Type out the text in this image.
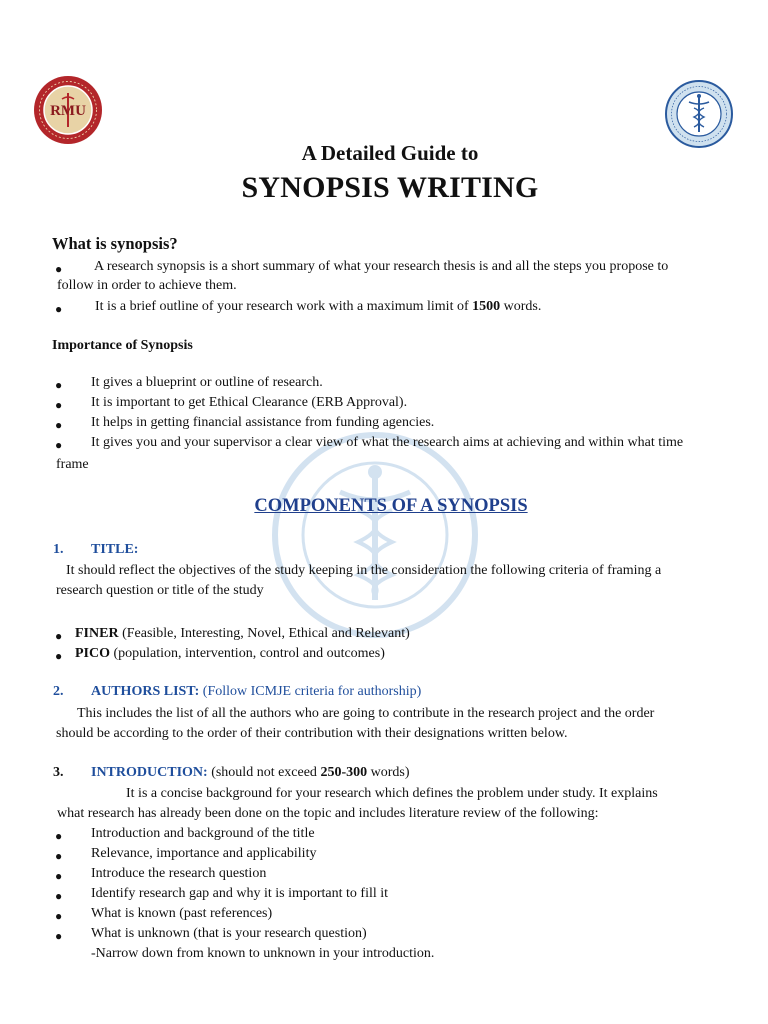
RMU
A Detailed Guide to
SYNOPSIS WRITING
What is synopsis?
● A research synopsis is a short summary of what your research thesis is and all the steps you propose to
follow in order to achieve them.
● It is a brief outline of your research work with a maximum limit of 1500 words.
Importance of Synopsis
● It gives a blueprint or outline of research.
● It is important to get Ethical Clearance (ERB Approval).
● It helps in getting financial assistance from funding agencies.
● It gives you and your supervisor a clear view of what the research aims at achieving and within what time
frame
COMPONENTS OF A SYNOPSIS
1. TITLE:
It should reflect the objectives of the study keeping in the consideration the following criteria of framing a
research question or title of the study
● FINER (Feasible, Interesting, Novel, Ethical and Relevant)
● PICO (population, intervention, control and outcomes)
2. AUTHORS LIST: (Follow ICMJE criteria for authorship)
This includes the list of all the authors who are going to contribute in the research project and the order
should be according to the order of their contribution with their designations written below.
3. INTRODUCTION: (should not exceed 250-300 words)
It is a concise background for your research which defines the problem under study. It explains
what research has already been done on the topic and includes literature review of the following:
● Introduction and background of the title
● Relevance, importance and applicability
● Introduce the research question
● Identify research gap and why it is important to fill it
● What is known (past references)
● What is unknown (that is your research question)
-Narrow down from known to unknown in your introduction.
